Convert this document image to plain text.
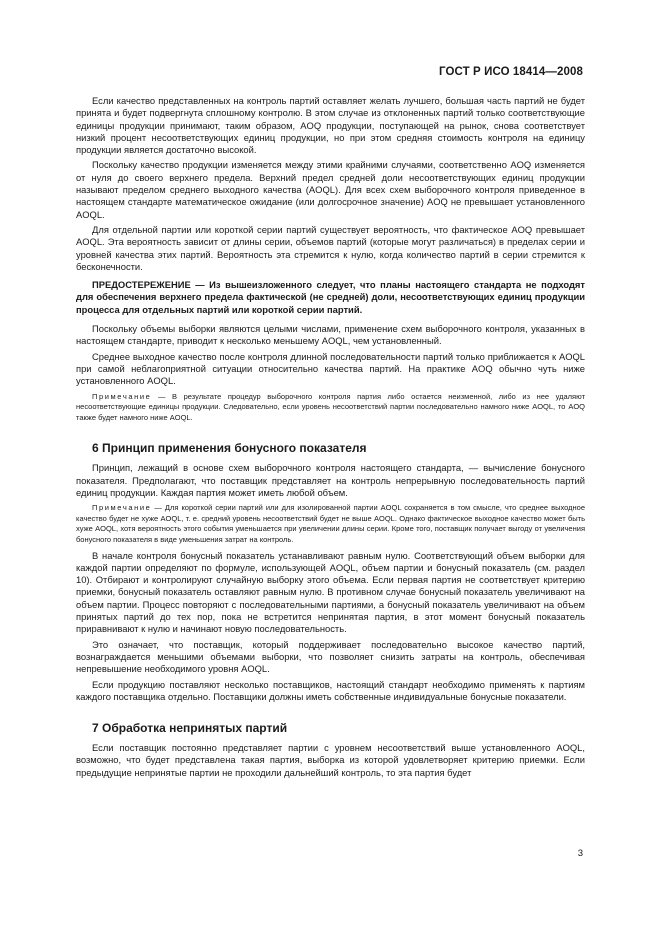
ГОСТ Р ИСО 18414—2008

Если качество представленных на контроль партий оставляет желать лучшего, большая часть партий не будет принята и будет подвергнута сплошному контролю. В этом случае из отклоненных партий только соответствующие единицы продукции принимают, таким образом, AOQ продукции, поступающей на рынок, снова соответствует низкий процент несоответствующих единиц продукции, но при этом средняя стоимость контроля на единицу продукции является достаточно высокой.

Поскольку качество продукции изменяется между этими крайними случаями, соответственно AOQ изменяется от нуля до своего верхнего предела. Верхний предел средней доли несоответствующих единиц продукции называют пределом среднего выходного качества (AOQL). Для всех схем выборочного контроля приведенное в настоящем стандарте математическое ожидание (или долгосрочное значение) AOQ не превышает установленного AOQL.

Для отдельной партии или короткой серии партий существует вероятность, что фактическое AOQ превышает AOQL. Эта вероятность зависит от длины серии, объемов партий (которые могут различаться) в пределах серии и уровней качества этих партий. Вероятность эта стремится к нулю, когда количество партий в серии стремится к бесконечности.

ПРЕДОСТЕРЕЖЕНИЕ — Из вышеизложенного следует, что планы настоящего стандарта не подходят для обеспечения верхнего предела фактической (не средней) доли, несоответствующих единиц продукции процесса для отдельных партий или короткой серии партий.

Поскольку объемы выборки являются целыми числами, применение схем выборочного контроля, указанных в настоящем стандарте, приводит к несколько меньшему AOQL, чем установленный.

Среднее выходное качество после контроля длинной последовательности партий только приближается к AOQL при самой неблагоприятной ситуации относительно качества партий. На практике AOQ обычно чуть ниже установленного AOQL.

Примечание — В результате процедур выборочного контроля партия либо остается неизменной, либо из нее удаляют несоответствующие единицы продукции. Следовательно, если уровень несоответствий партии последовательно намного ниже AOQL, то AOQ также будет намного ниже AOQL.

6 Принцип применения бонусного показателя

Принцип, лежащий в основе схем выборочного контроля настоящего стандарта, — вычисление бонусного показателя. Предполагают, что поставщик представляет на контроль непрерывную последовательность партий единиц продукции. Каждая партия может иметь любой объем.

Примечание — Для короткой серии партий или для изолированной партии AOQL сохраняется в том смысле, что среднее выходное качество будет не хуже AOQL, т. е. средний уровень несоответствий будет не выше AOQL. Однако фактическое выходное качество может быть хуже AOQL, хотя вероятность этого события уменьшается при увеличении длины серии. Кроме того, поставщик получает выгоду от увеличения бонусного показателя в виде уменьшения затрат на контроль.

В начале контроля бонусный показатель устанавливают равным нулю. Соответствующий объем выборки для каждой партии определяют по формуле, использующей AOQL, объем партии и бонусный показатель (см. раздел 10). Отбирают и контролируют случайную выборку этого объема. Если первая партия не соответствует критерию приемки, бонусный показатель оставляют равным нулю. В противном случае бонусный показатель увеличивают на объем партии. Процесс повторяют с последовательными партиями, а бонусный показатель увеличивают на объем принятых партий до тех пор, пока не встретится непринятая партия, в этот момент бонусный показатель приравнивают к нулю и начинают новую последовательность.

Это означает, что поставщик, который поддерживает последовательно высокое качество партий, вознаграждается меньшими объемами выборки, что позволяет снизить затраты на контроль, обеспечивая непревышение необходимого уровня AOQL.

Если продукцию поставляют несколько поставщиков, настоящий стандарт необходимо применять к партиям каждого поставщика отдельно. Поставщики должны иметь собственные индивидуальные бонусные показатели.

7 Обработка непринятых партий

Если поставщик постоянно представляет партии с уровнем несоответствий выше установленного AOQL, возможно, что будет представлена такая партия, выборка из которой удовлетворяет критерию приемки. Если предыдущие непринятые партии не проходили дальнейший контроль, то эта партия будет

3
